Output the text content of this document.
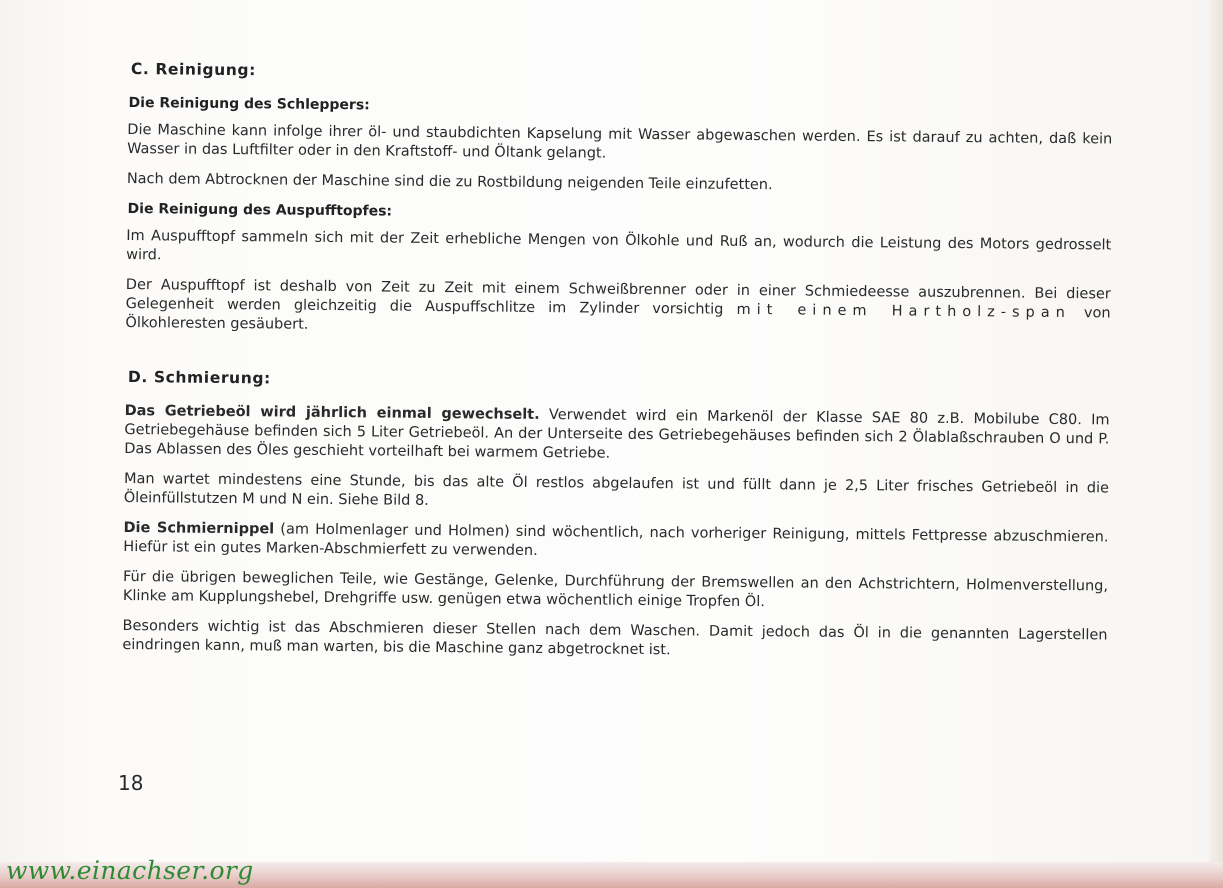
C. Reinigung:
Die Reinigung des Schleppers:

Die Maschine kann infolge ihrer öl- und staubdichten Kapselung mit Wasser abgewaschen werden. Es ist darauf zu achten, daß kein Wasser in das Luftfilter oder in den Kraftstoff- und Öltank gelangt.

Nach dem Abtrocknen der Maschine sind die zu Rostbildung neigenden Teile einzufetten.

Die Reinigung des Auspufftopfes:

Im Auspufftopf sammeln sich mit der Zeit erhebliche Mengen von Ölkohle und Ruß an, wodurch die Leistung des Motors gedrosselt wird.

Der Auspufftopf ist deshalb von Zeit zu Zeit mit einem Schweißbrenner oder in einer Schmiedeesse auszubrennen. Bei dieser Gelegenheit werden gleichzeitig die Auspuffschlitze im Zylinder vorsichtig mit einem Hartholz-span von Ölkohleresten gesäubert.

D. Schmierung:

Das Getriebeöl wird jährlich einmal gewechselt. Verwendet wird ein Markenöl der Klasse SAE 80 z.B. Mobilube C80. Im Getriebegehäuse befinden sich 5 Liter Getriebeöl. An der Unterseite des Getriebegehäuses befinden sich 2 Ölablaßschrauben O und P. Das Ablassen des Öles geschieht vorteilhaft bei warmem Getriebe.

Man wartet mindestens eine Stunde, bis das alte Öl restlos abgelaufen ist und füllt dann je 2,5 Liter frisches Getriebeöl in die Öleinfüllstutzen M und N ein. Siehe Bild 8.

Die Schmiernippel (am Holmenlager und Holmen) sind wöchentlich, nach vorheriger Reinigung, mittels Fettpresse abzuschmieren. Hiefür ist ein gutes Marken-Abschmierfett zu verwenden.

Für die übrigen beweglichen Teile, wie Gestänge, Gelenke, Durchführung der Bremswellen an den Achstrichtern, Holmenverstellung, Klinke am Kupplungshebel, Drehgriffe usw. genügen etwa wöchentlich einige Tropfen Öl.

Besonders wichtig ist das Abschmieren dieser Stellen nach dem Waschen. Damit jedoch das Öl in die genannten Lagerstellen eindringen kann, muß man warten, bis die Maschine ganz abgetrocknet ist.

18
www.einachser.org
